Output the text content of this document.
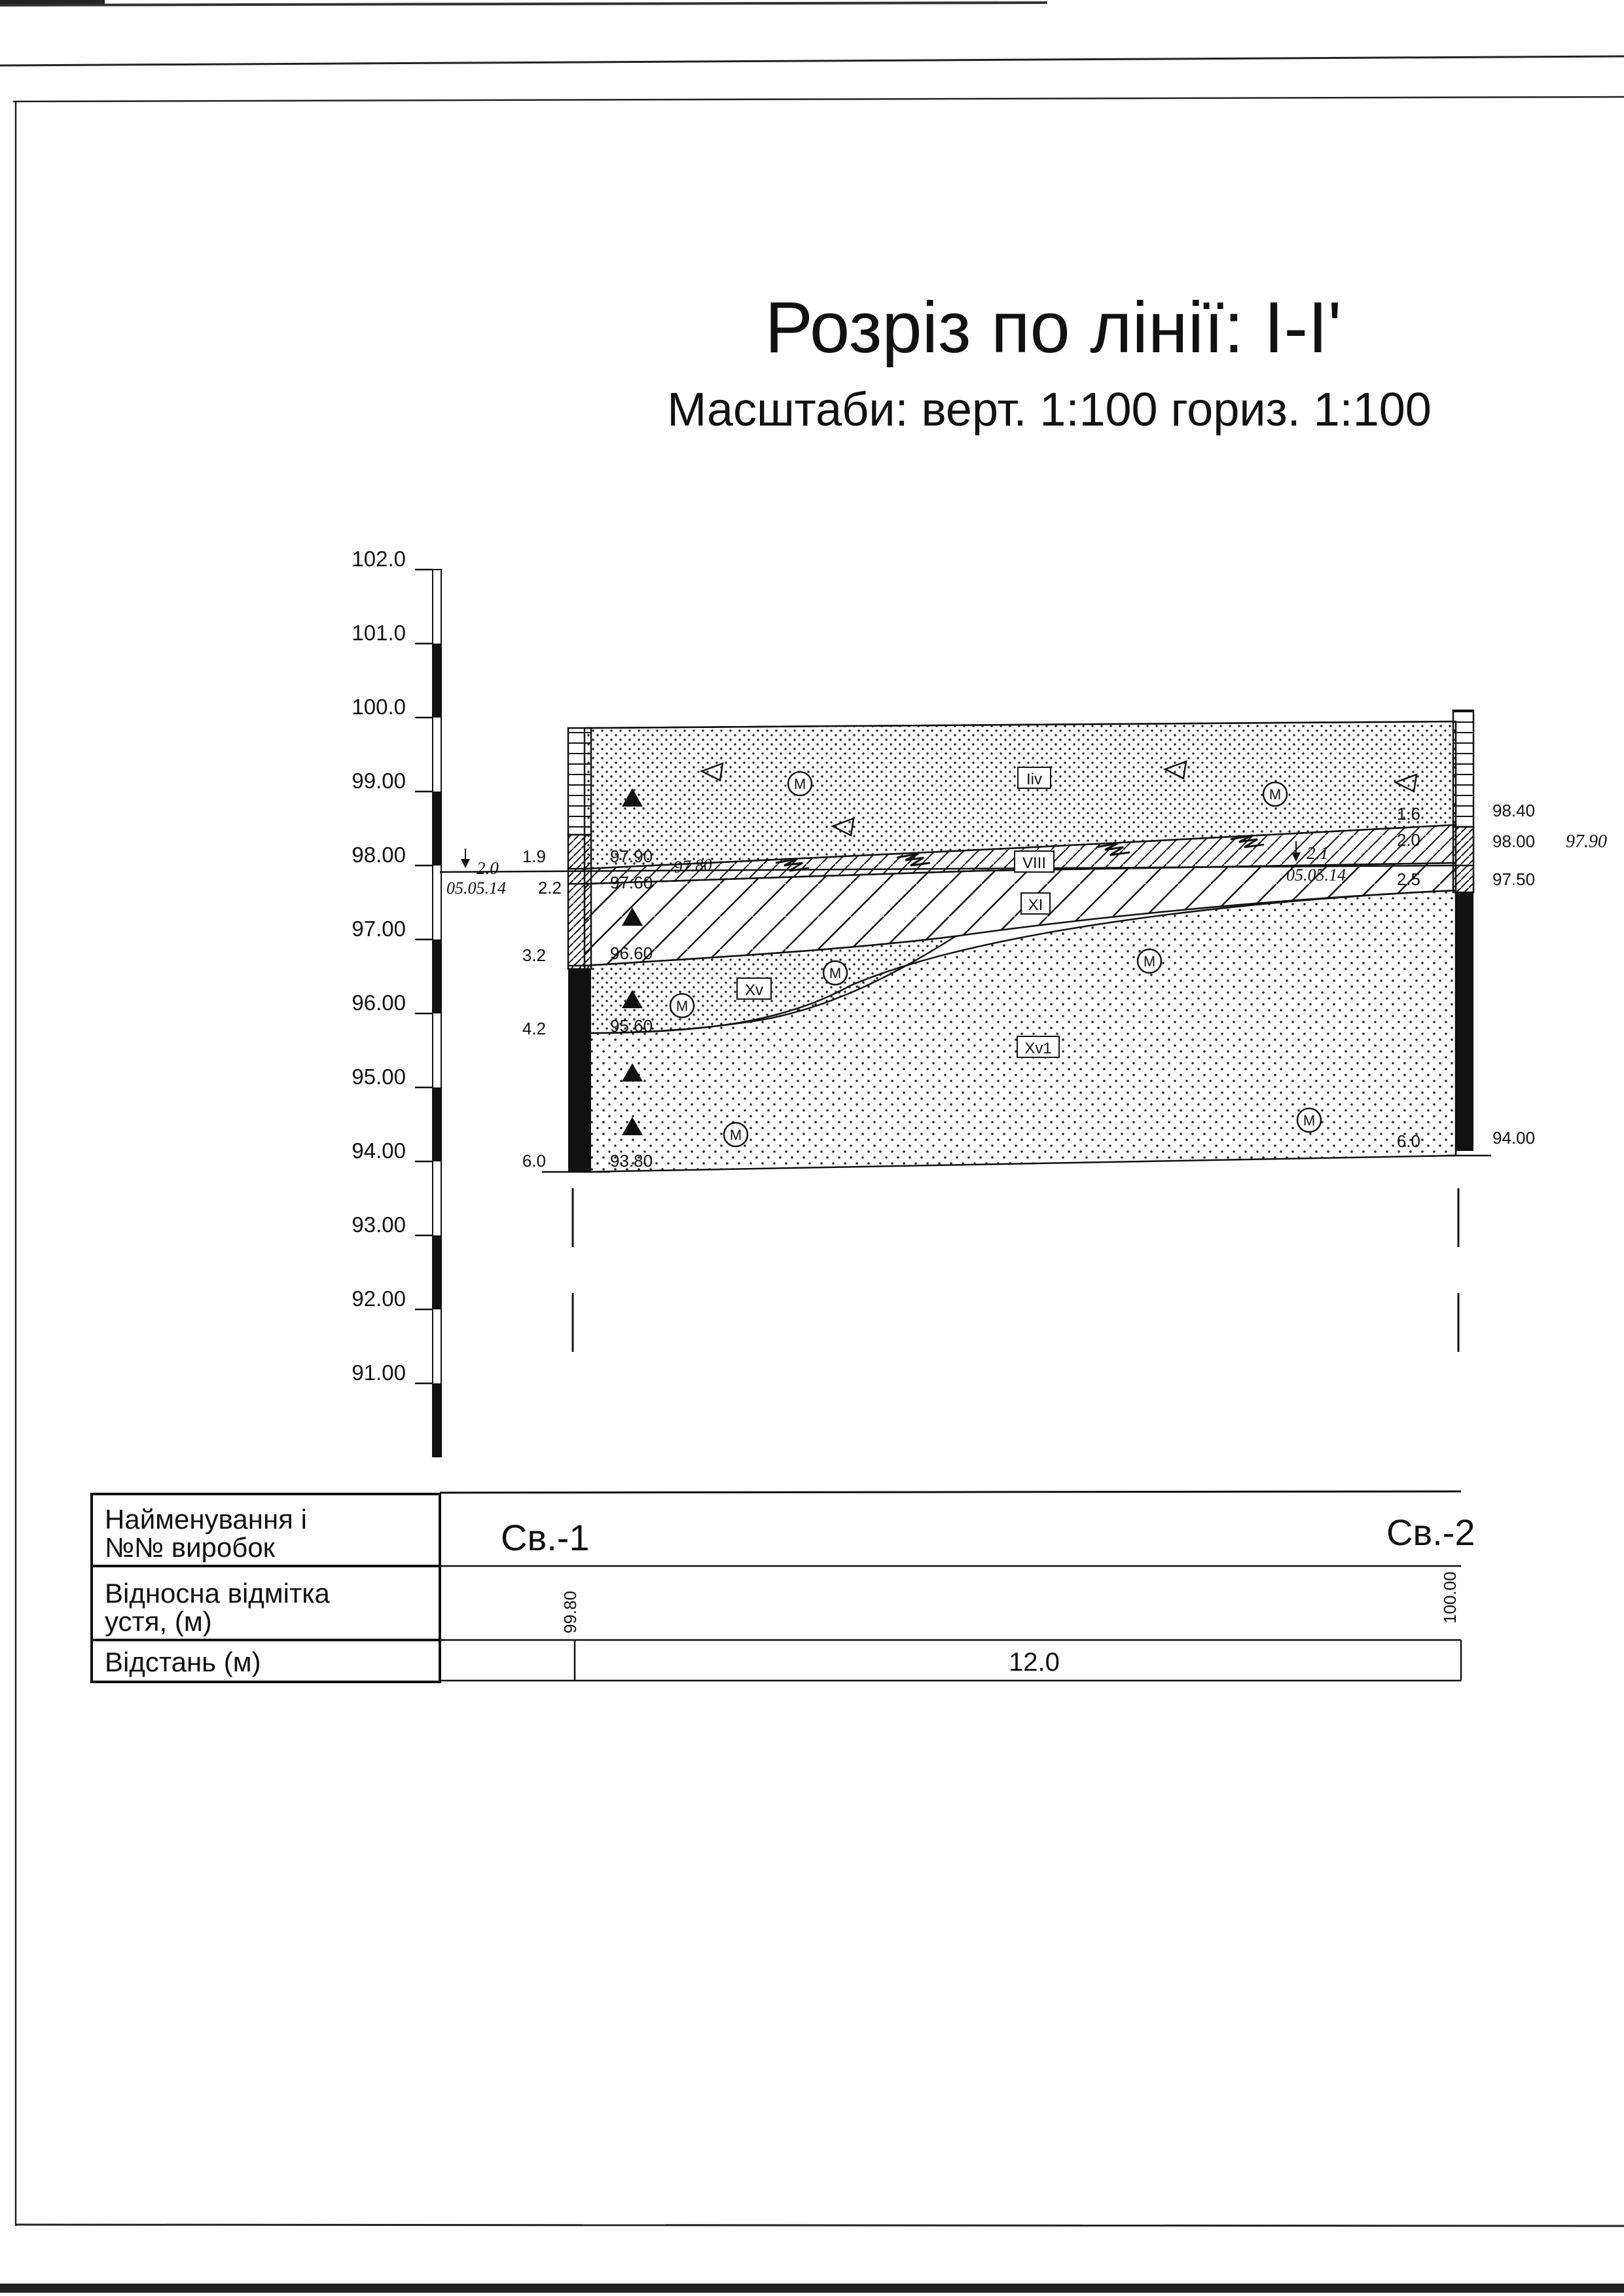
Розріз по лінії: I-I'
Масштаби: верт. 1:100 гориз. 1:100
102.0
101.0
100.0
99.00
98.00
97.00
96.00
95.00
94.00
93.00
92.00
91.00
1.9
2.2
3.2
4.2
6.0
97.90
97.60
96.60
95.60
93.80
97.80
2.0
05.05.14
1.6
2.0
2.5
6.0
98.40
98.00
97.50
94.00
97.90
2.1
05.05.14
Iiv
VIII
XI
Xv
Xv1
М
М
М
М
М
М
М
Найменування і
№№ виробок
Відносна відмітка
устя, (м)
Відстань (м)
Св.-1	Св.-2
99.80	100.00
12.0
